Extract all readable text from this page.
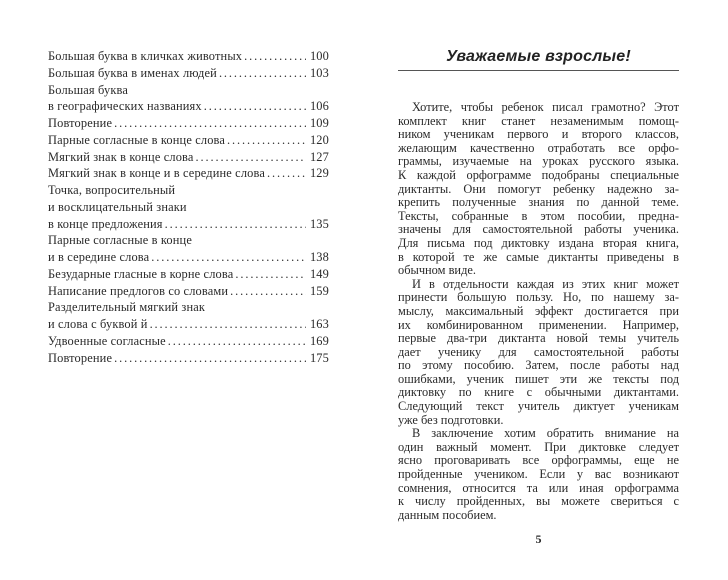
Большая буква в кличках животных . . .	100
Большая буква в именах людей . . .	103
Большая буква
в географических названиях . . .	106
Повторение . . .	109
Парные согласные в конце слова . . .	120
Мягкий знак в конце слова . . .	127
Мягкий знак в конце и в середине слова . . .	129
Точка, вопросительный
и восклицательный знаки
в конце предложения . . .	135
Парные согласные в конце
и в середине слова . . .	138
Безударные гласные в корне слова . . .	149
Написание предлогов со словами . . .	159
Разделительный мягкий знак
и слова с буквой й . . .	163
Удвоенные согласные . . .	169
Повторение . . .	175
Уважаемые взрослые!
Хотите, чтобы ребенок писал грамотно? Этот
комплект книг станет незаменимым помощ-
ником ученикам первого и второго классов,
желающим качественно отработать все орфо-
граммы, изучаемые на уроках русского языка.
К каждой орфограмме подобраны специальные
диктанты. Они помогут ребенку надежно за-
крепить полученные знания по данной теме.
Тексты, собранные в этом пособии, предна-
значены для самостоятельной работы ученика.
Для письма под диктовку издана вторая книга,
в которой те же самые диктанты приведены в
обычном виде.
И в отдельности каждая из этих книг может
принести большую пользу. Но, по нашему за-
мыслу, максимальный эффект достигается при
их комбинированном применении. Например,
первые два-три диктанта новой темы учитель
дает ученику для самостоятельной работы
по этому пособию. Затем, после работы над
ошибками, ученик пишет эти же тексты под
диктовку по книге с обычными диктантами.
Следующий текст учитель диктует ученикам
уже без подготовки.
В заключение хотим обратить внимание на
один важный момент. При диктовке следует
ясно проговаривать все орфограммы, еще не
пройденные учеником. Если у вас возникают
сомнения, относится та или иная орфограмма
к числу пройденных, вы можете свериться с
данным пособием.
5
